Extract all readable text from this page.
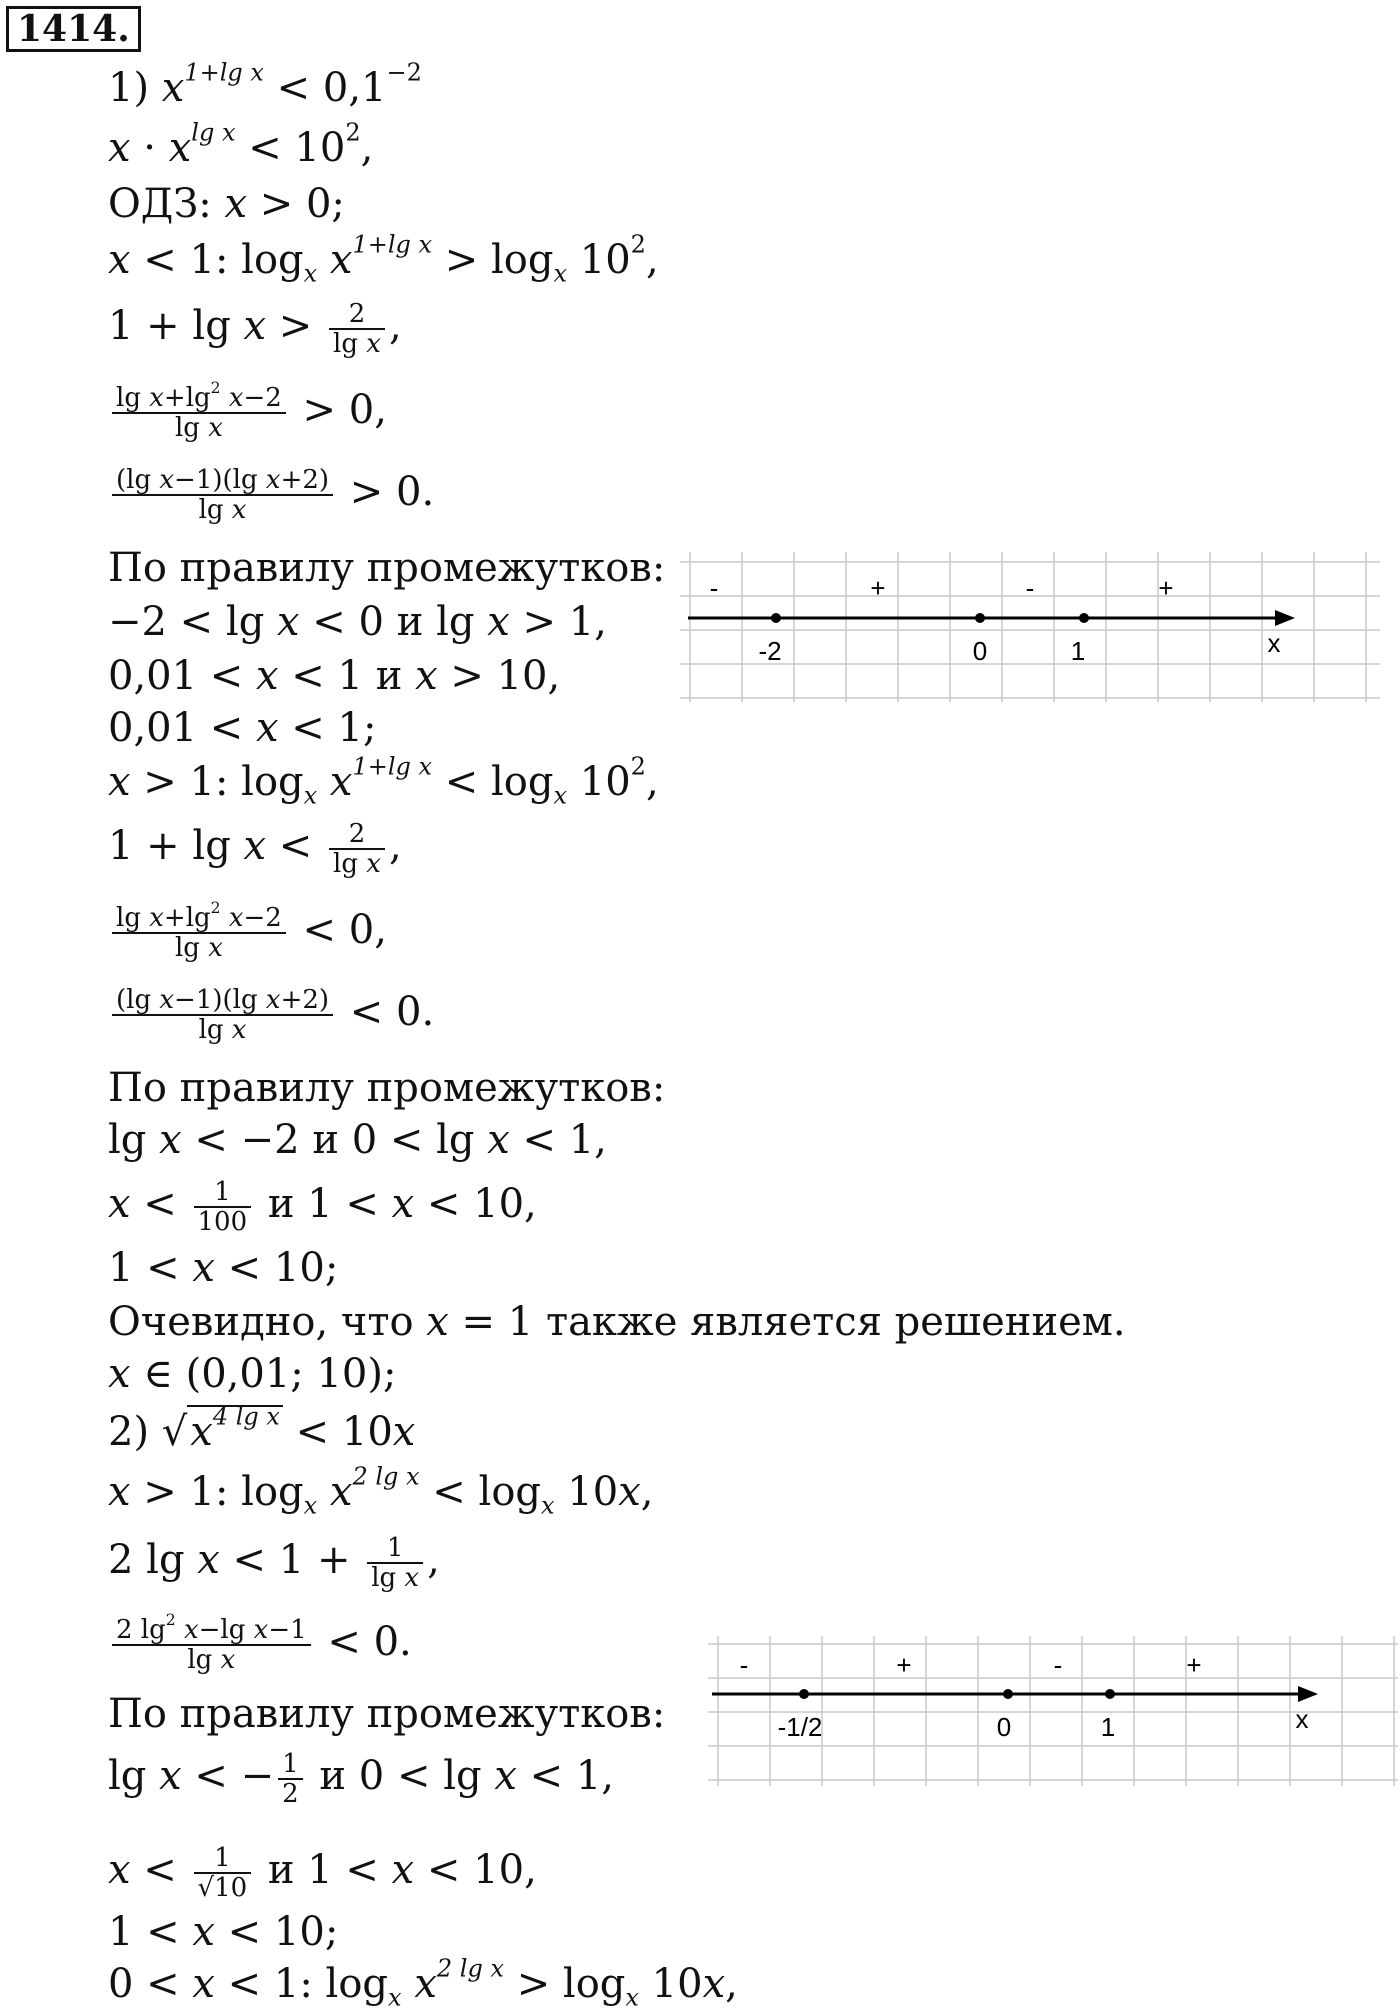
1414.
1) $x^{1+lg x} < 0,1^{-2}$
$x \cdot x^{lg x} < 10^2$,
ОДЗ: x > 0;
x < 1: $\log_x x^{1+lg x} > \log_x 10^2$,
$1 + \lg x > \frac{2}{\text{lg x}}$ ,
$\frac{\lg x+\lg^2 x-2}{\text{lg x}} > 0$,
$\frac{\text{(lg x−1)(lg x+2)}}{\text{lg x}} > 0$.
По правилу промежутков:
−2 < lg x < 0 и lg x > 1,
0,01 < x < 1 и x > 10,
0,01 < x < 1;
x > 1: $\log_x x^{1+lg x} < \log_x 10^2$,
$1 + \lg x < \frac{2}{\text{lg x}}$ ,
$\frac{\lg x+\lg^2 x-2}{\text{lg x}} < 0$,
$\frac{\text{(lg x−1)(lg x+2)}}{\text{lg x}} < 0$.
По правилу промежутков:
lg x < −2 и 0 < lg x < 1,
$x < \frac{1}{100}$ и 1 < x < 10,
1 < x < 10;
Очевидно, что x = 1 также является решением.
x ∈ (0,01; 10);
2) $√x^{4 lg x} < 10x$
x > 1: $\log_x x^{2 lg x} < \log_x 10x$,
2 $\lg x < 1 + \frac{1}{\text{lg x}}$ ,
$\frac{2 \lg^2 x-\lg x-1}{\text{lg x}} < 0$.
По правилу промежутков:
lg x < − $\frac{1}{2}$ и 0 < lg x < 1,
$x < \frac{1}{√10}$ и 1 < x < 10,
1 < x < 10;
0 < x < 1: $\log_x x^{2 lg x} > \log_x 10x$,
-	+	-	+
-2	0	1	x
-	+	-	+
-1/2	0	1	x
